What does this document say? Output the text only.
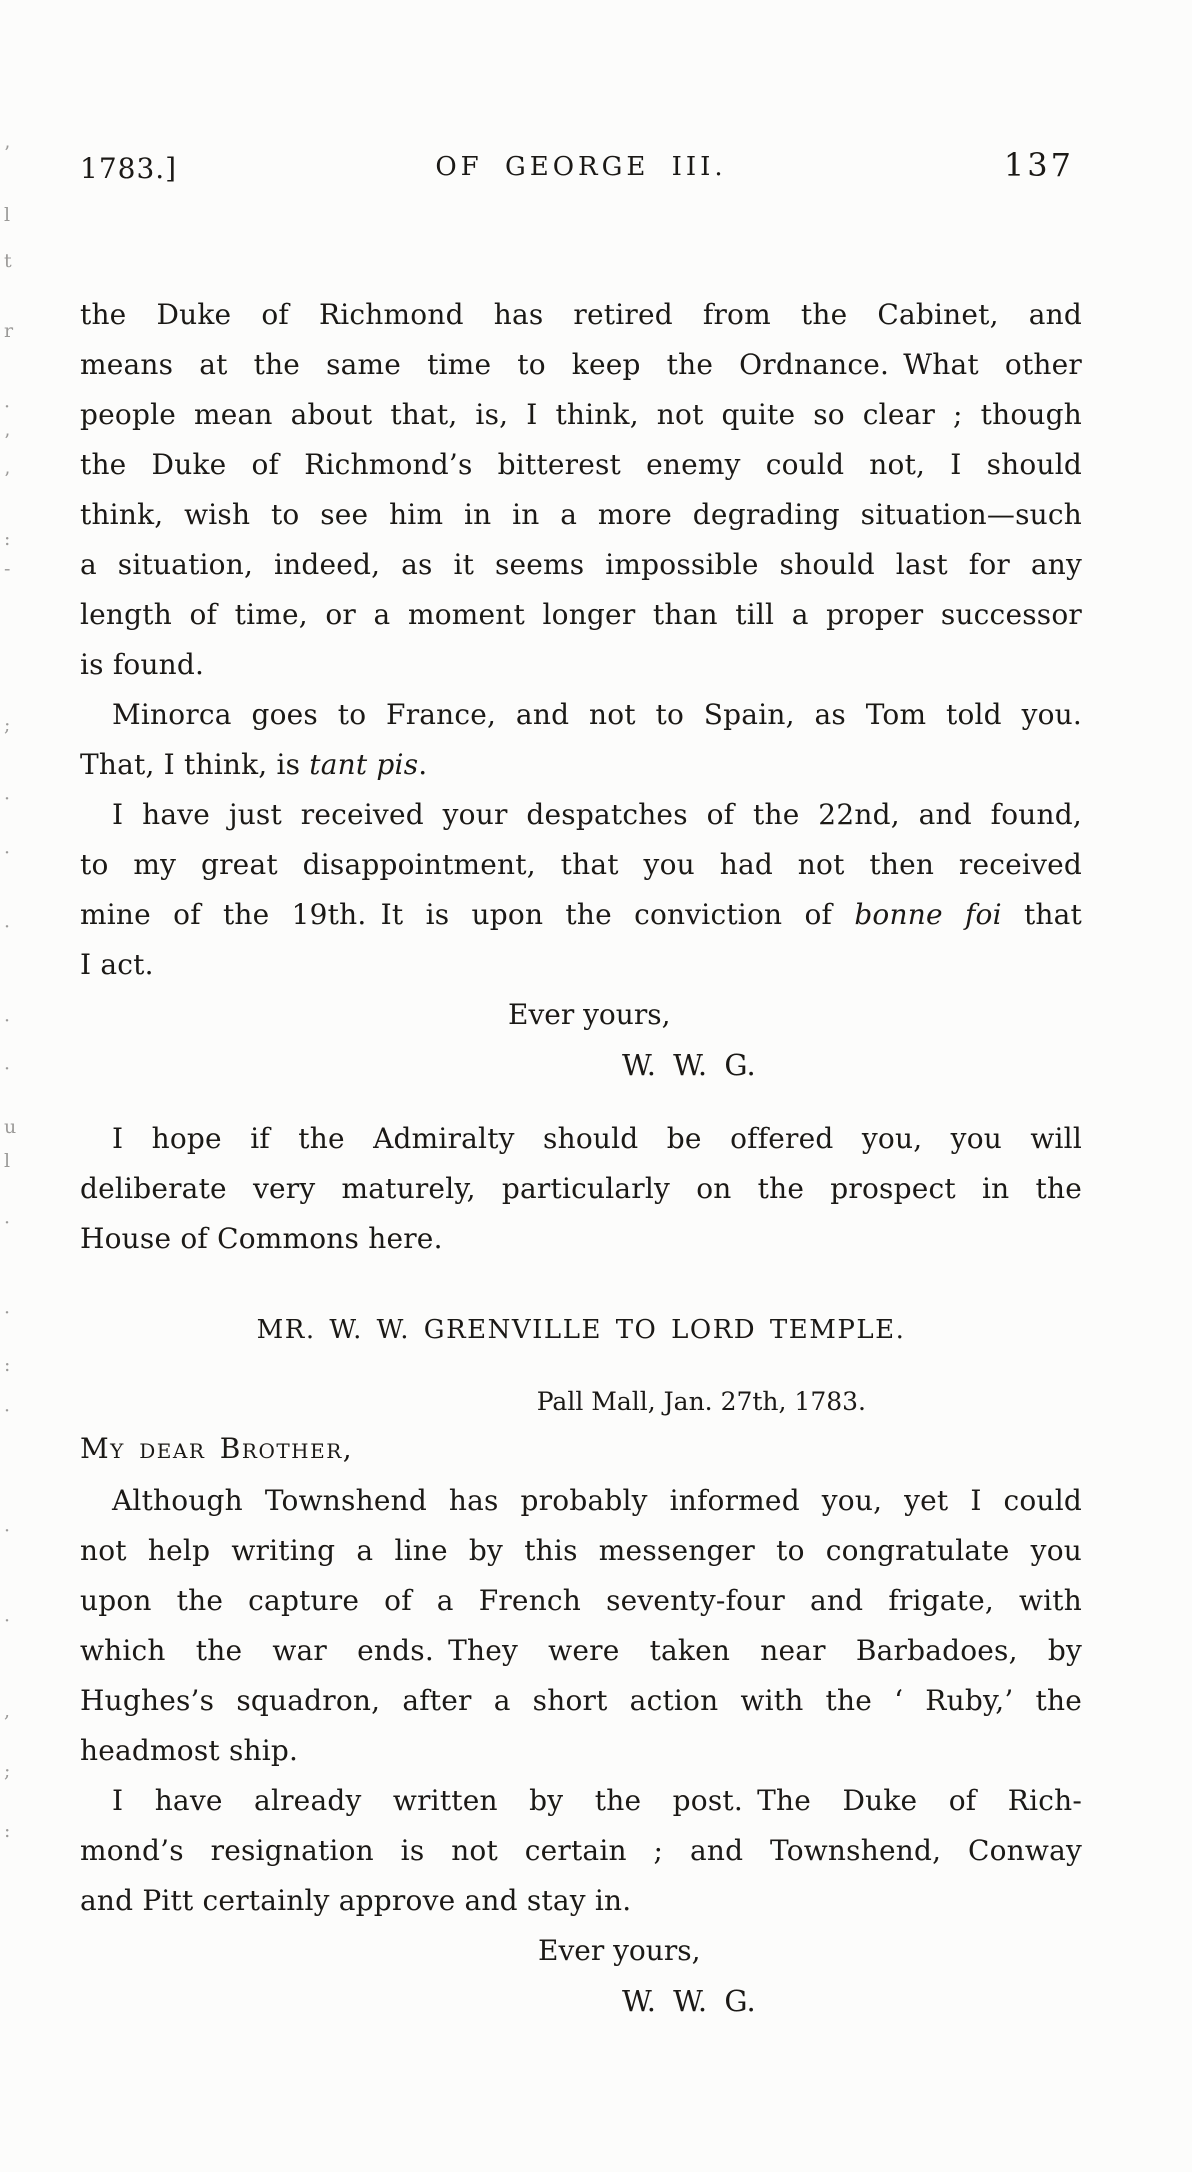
’
l
t
r
·
’
’
:
-
;
·
·
·
·
·
u
l
·
·
:
·
·
·
,
;
:
1783.]	OF GEORGE III.	137
the Duke of Richmond has retired from the Cabinet, and
means at the same time to keep the Ordnance. What other
people mean about that, is, I think, not quite so clear ; though
the Duke of Richmond’s bitterest enemy could not, I should
think, wish to see him in in a more degrading situation—such
a situation, indeed, as it seems impossible should last for any
length of time, or a moment longer than till a proper successor
is found.
Minorca goes to France, and not to Spain, as Tom told you.
That, I think, is tant pis.
I have just received your despatches of the 22nd, and found,
to my great disappointment, that you had not then received
mine of the 19th. It is upon the conviction of bonne foi that
I act.
Ever yours,
W. W. G.
I hope if the Admiralty should be offered you, you will
deliberate very maturely, particularly on the prospect in the
House of Commons here.
MR. W. W. GRENVILLE TO LORD TEMPLE.
Pall Mall, Jan. 27th, 1783.
My dear Brother,
Although Townshend has probably informed you, yet I could
not help writing a line by this messenger to congratulate you
upon the capture of a French seventy-four and frigate, with
which the war ends. They were taken near Barbadoes, by
Hughes’s squadron, after a short action with the ‘ Ruby,’ the
headmost ship.
I have already written by the post. The Duke of Rich-
mond’s resignation is not certain ; and Townshend, Conway
and Pitt certainly approve and stay in.
Ever yours,
W. W. G.
